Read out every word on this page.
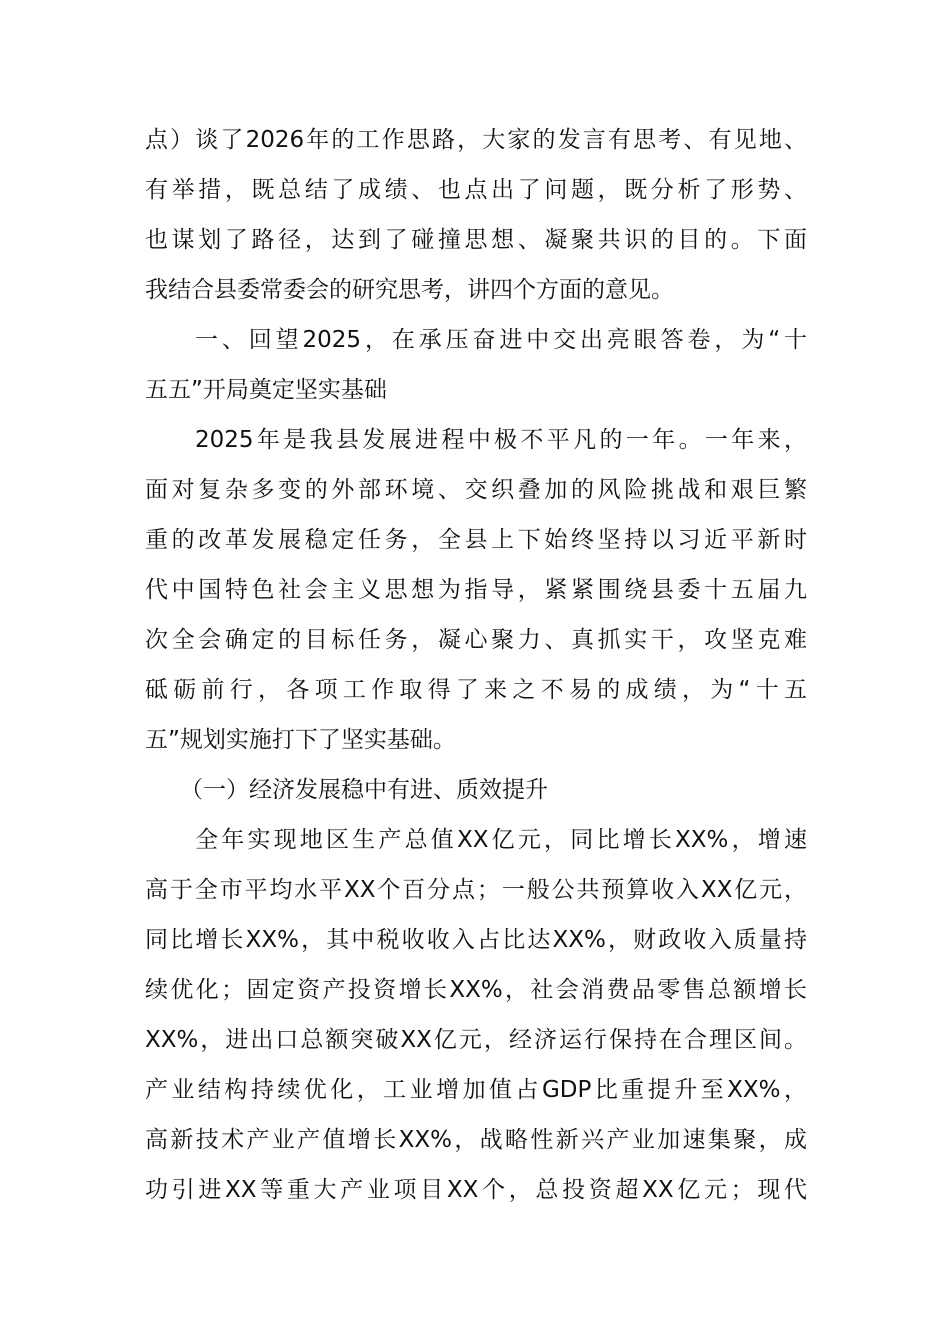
点）谈了2026年的工作思路，大家的发言有思考、有见地、
有举措，既总结了成绩、也点出了问题，既分析了形势、
也谋划了路径，达到了碰撞思想、凝聚共识的目的。下面
我结合县委常委会的研究思考，讲四个方面的意见。
一、回望2025，在承压奋进中交出亮眼答卷，为“十
五五”开局奠定坚实基础
2025年是我县发展进程中极不平凡的一年。一年来，
面对复杂多变的外部环境、交织叠加的风险挑战和艰巨繁
重的改革发展稳定任务，全县上下始终坚持以习近平新时
代中国特色社会主义思想为指导，紧紧围绕县委十五届九
次全会确定的目标任务，凝心聚力、真抓实干，攻坚克难
砥砺前行，各项工作取得了来之不易的成绩，为“十五
五”规划实施打下了坚实基础。
（一）经济发展稳中有进、质效提升
全年实现地区生产总值XX亿元，同比增长XX%，增速
高于全市平均水平XX个百分点；一般公共预算收入XX亿元，
同比增长XX%，其中税收收入占比达XX%，财政收入质量持
续优化；固定资产投资增长XX%，社会消费品零售总额增长
XX%，进出口总额突破XX亿元，经济运行保持在合理区间。
产业结构持续优化，工业增加值占GDP比重提升至XX%，
高新技术产业产值增长XX%，战略性新兴产业加速集聚，成
功引进XX等重大产业项目XX个，总投资超XX亿元；现代
